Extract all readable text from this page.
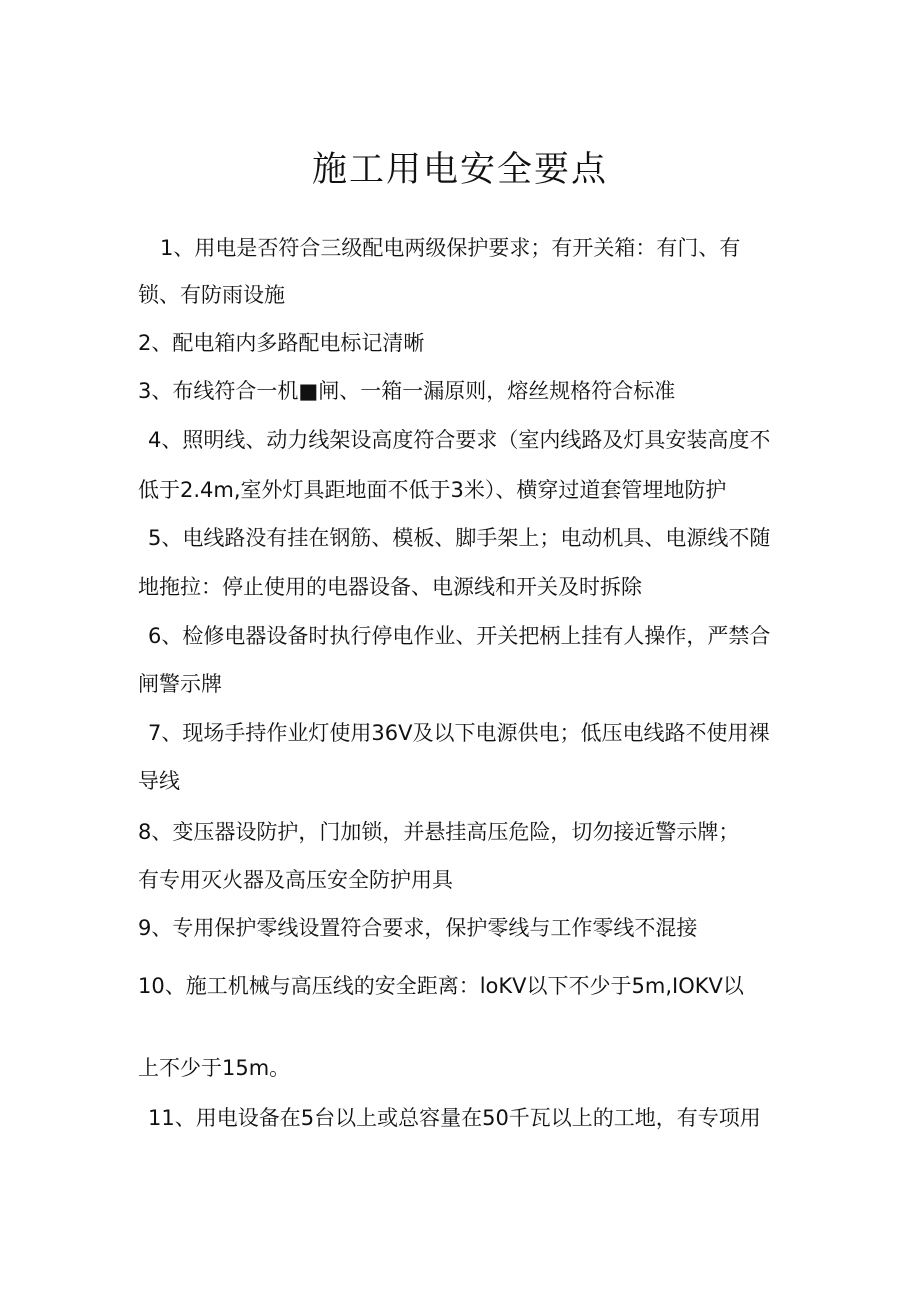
施工用电安全要点
1、用电是否符合三级配电两级保护要求；有开关箱：有门、有
锁、有防雨设施
2、配电箱内多路配电标记清晰
3、布线符合一机■闸、一箱一漏原则，熔丝规格符合标准
4、照明线、动力线架设高度符合要求（室内线路及灯具安装高度不
低于2.4m,室外灯具距地面不低于3米）、横穿过道套管埋地防护
5、电线路没有挂在钢筋、模板、脚手架上；电动机具、电源线不随
地拖拉：停止使用的电器设备、电源线和开关及时拆除
6、检修电器设备时执行停电作业、开关把柄上挂有人操作，严禁合
闸警示牌
7、现场手持作业灯使用36V及以下电源供电；低压电线路不使用裸
导线
8、变压器设防护，门加锁，并悬挂高压危险，切勿接近警示牌；
有专用灭火器及高压安全防护用具
9、专用保护零线设置符合要求，保护零线与工作零线不混接
10、施工机械与高压线的安全距离：loKV以下不少于5m,IOKV以
上不少于15m。
11、用电设备在5台以上或总容量在50千瓦以上的工地，有专项用
